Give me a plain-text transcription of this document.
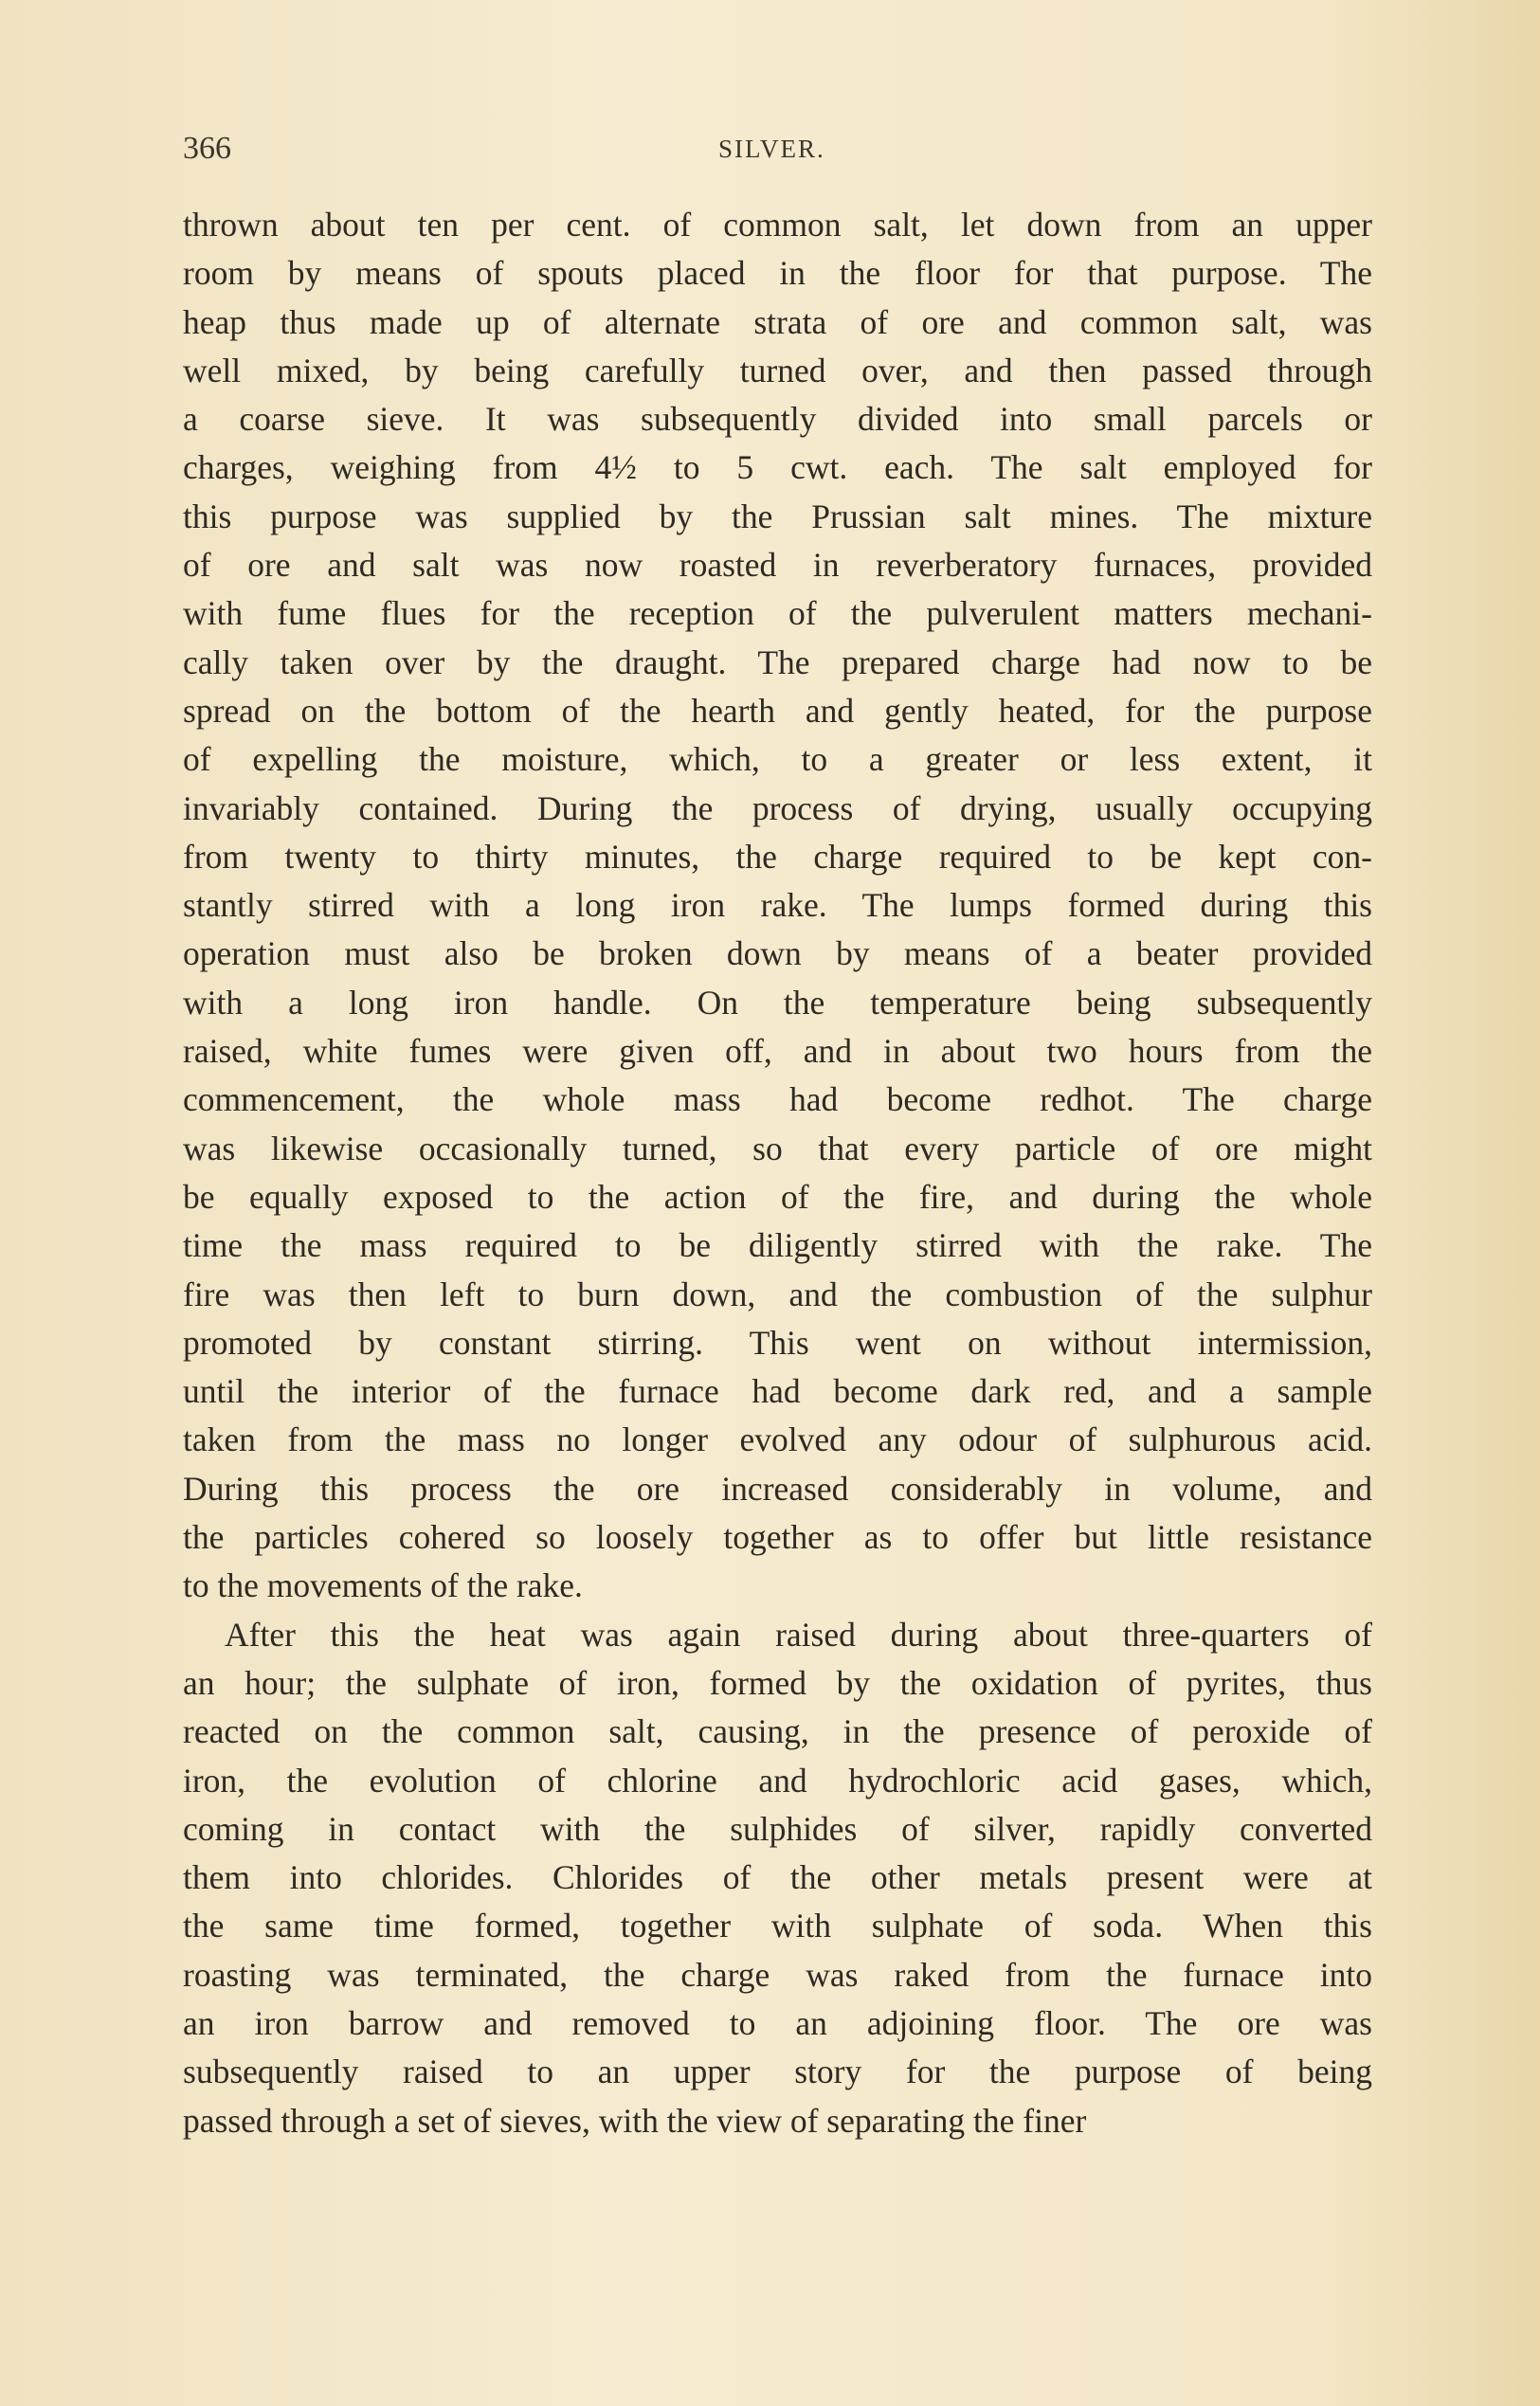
366	SILVER.
thrown about ten per cent. of common salt, let down from an upper
room by means of spouts placed in the floor for that purpose. The
heap thus made up of alternate strata of ore and common salt, was
well mixed, by being carefully turned over, and then passed through
a coarse sieve. It was subsequently divided into small parcels or
charges, weighing from 4½ to 5 cwt. each. The salt employed for
this purpose was supplied by the Prussian salt mines. The mixture
of ore and salt was now roasted in reverberatory furnaces, provided
with fume flues for the reception of the pulverulent matters mechani-
cally taken over by the draught. The prepared charge had now to be
spread on the bottom of the hearth and gently heated, for the purpose
of expelling the moisture, which, to a greater or less extent, it
invariably contained. During the process of drying, usually occupying
from twenty to thirty minutes, the charge required to be kept con-
stantly stirred with a long iron rake. The lumps formed during this
operation must also be broken down by means of a beater provided
with a long iron handle. On the temperature being subsequently
raised, white fumes were given off, and in about two hours from the
commencement, the whole mass had become redhot. The charge
was likewise occasionally turned, so that every particle of ore might
be equally exposed to the action of the fire, and during the whole
time the mass required to be diligently stirred with the rake. The
fire was then left to burn down, and the combustion of the sulphur
promoted by constant stirring. This went on without intermission,
until the interior of the furnace had become dark red, and a sample
taken from the mass no longer evolved any odour of sulphurous acid.
During this process the ore increased considerably in volume, and
the particles cohered so loosely together as to offer but little resistance
to the movements of the rake.
After this the heat was again raised during about three-quarters of
an hour; the sulphate of iron, formed by the oxidation of pyrites, thus
reacted on the common salt, causing, in the presence of peroxide of
iron, the evolution of chlorine and hydrochloric acid gases, which,
coming in contact with the sulphides of silver, rapidly converted
them into chlorides. Chlorides of the other metals present were at
the same time formed, together with sulphate of soda. When this
roasting was terminated, the charge was raked from the furnace into
an iron barrow and removed to an adjoining floor. The ore was
subsequently raised to an upper story for the purpose of being
passed through a set of sieves, with the view of separating the finer
